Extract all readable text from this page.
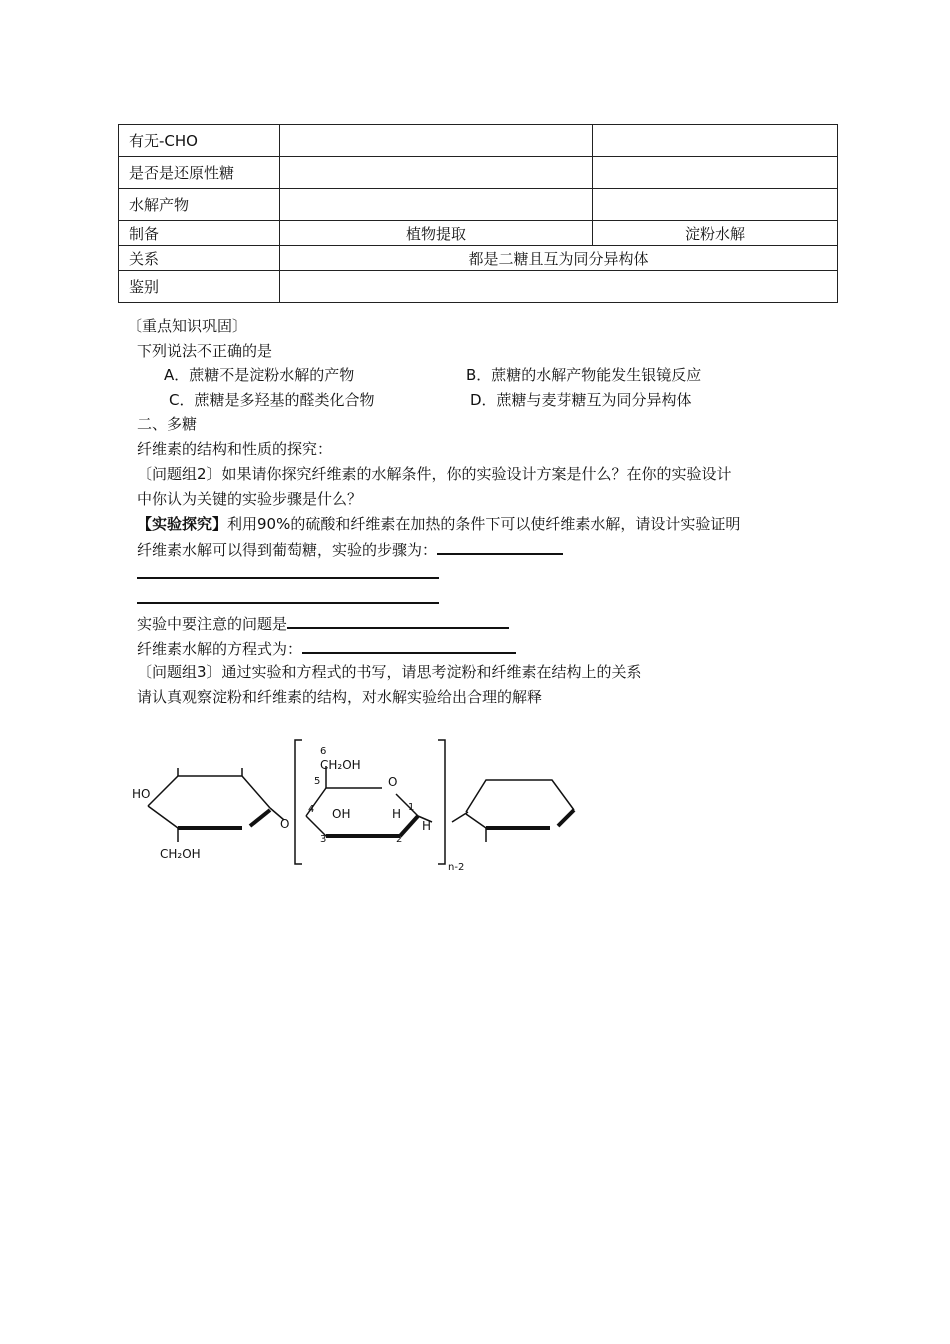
有无-CHO		
是否是还原性糖		
水解产物		
制备	植物提取	淀粉水解
关系	都是二糖且互为同分异构体	
鉴别		
〔重点知识巩固〕
下列说法不正确的是
A．蔗糖不是淀粉水解的产物	B．蔗糖的水解产物能发生银镜反应
C．蔗糖是多羟基的醛类化合物	D．蔗糖与麦芽糖互为同分异构体
二、多糖
纤维素的结构和性质的探究：
〔问题组2〕如果请你探究纤维素的水解条件，你的实验设计方案是什么？在你的实验设计
中你认为关键的实验步骤是什么？
【实验探究】利用90%的硫酸和纤维素在加热的条件下可以使纤维素水解，请设计实验证明
纤维素水解可以得到葡萄糖，实验的步骤为：
实验中要注意的问题是
纤维素水解的方程式为：
〔问题组3〕通过实验和方程式的书写，请思考淀粉和纤维素在结构上的关系
请认真观察淀粉和纤维素的结构，对水解实验给出合理的解释
6
CH₂OH
5	O
4 OH	H 1
H
3	2
O
CH₂OH
HO
n-2
